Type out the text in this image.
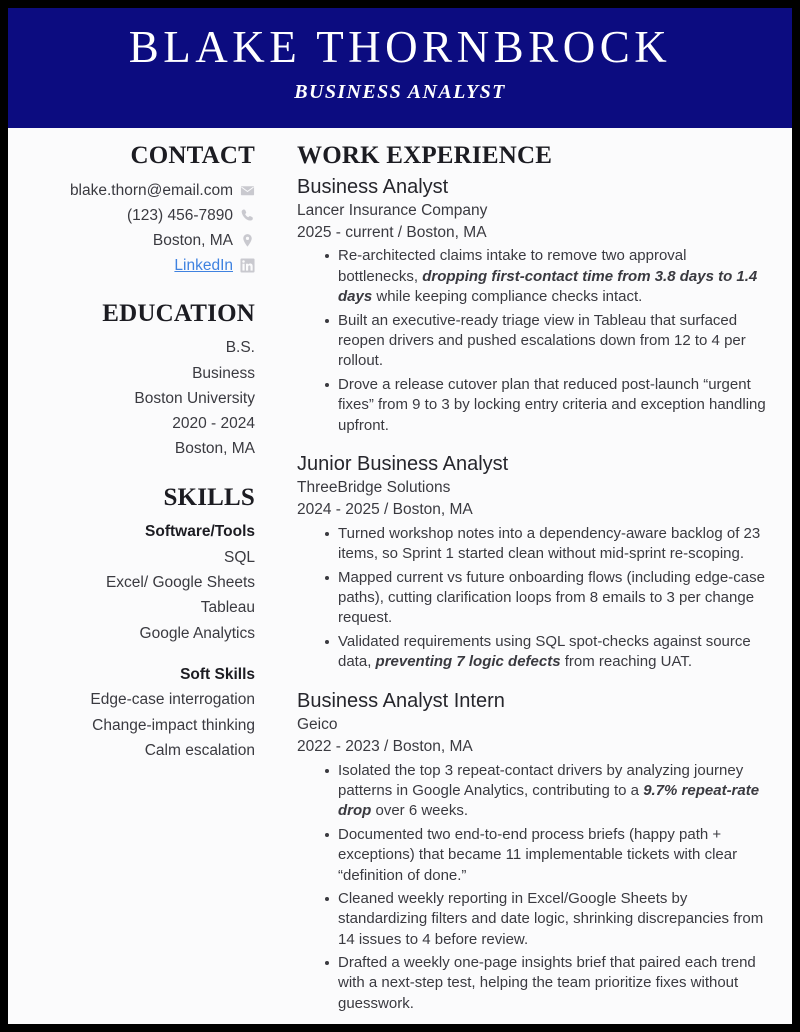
BLAKE THORNBROCK
BUSINESS ANALYST
CONTACT
blake.thorn@email.com
(123) 456-7890
Boston, MA
LinkedIn
EDUCATION
B.S.
Business
Boston University
2020 - 2024
Boston, MA
SKILLS
Software/Tools
SQL
Excel/ Google Sheets
Tableau
Google Analytics
Soft Skills
Edge-case interrogation
Change-impact thinking
Calm escalation
WORK EXPERIENCE
Business Analyst
Lancer Insurance Company
2025 - current / Boston, MA
Re-architected claims intake to remove two approval bottlenecks, dropping first-contact time from 3.8 days to 1.4 days while keeping compliance checks intact.
Built an executive-ready triage view in Tableau that surfaced reopen drivers and pushed escalations down from 12 to 4 per rollout.
Drove a release cutover plan that reduced post-launch “urgent fixes” from 9 to 3 by locking entry criteria and exception handling upfront.
Junior Business Analyst
ThreeBridge Solutions
2024 - 2025 / Boston, MA
Turned workshop notes into a dependency-aware backlog of 23 items, so Sprint 1 started clean without mid-sprint re-scoping.
Mapped current vs future onboarding flows (including edge-case paths), cutting clarification loops from 8 emails to 3 per change request.
Validated requirements using SQL spot-checks against source data, preventing 7 logic defects from reaching UAT.
Business Analyst Intern
Geico
2022 - 2023 / Boston, MA
Isolated the top 3 repeat-contact drivers by analyzing journey patterns in Google Analytics, contributing to a 9.7% repeat-rate drop over 6 weeks.
Documented two end-to-end process briefs (happy path + exceptions) that became 11 implementable tickets with clear “definition of done.”
Cleaned weekly reporting in Excel/Google Sheets by standardizing filters and date logic, shrinking discrepancies from 14 issues to 4 before review.
Drafted a weekly one-page insights brief that paired each trend with a next-step test, helping the team prioritize fixes without guesswork.
